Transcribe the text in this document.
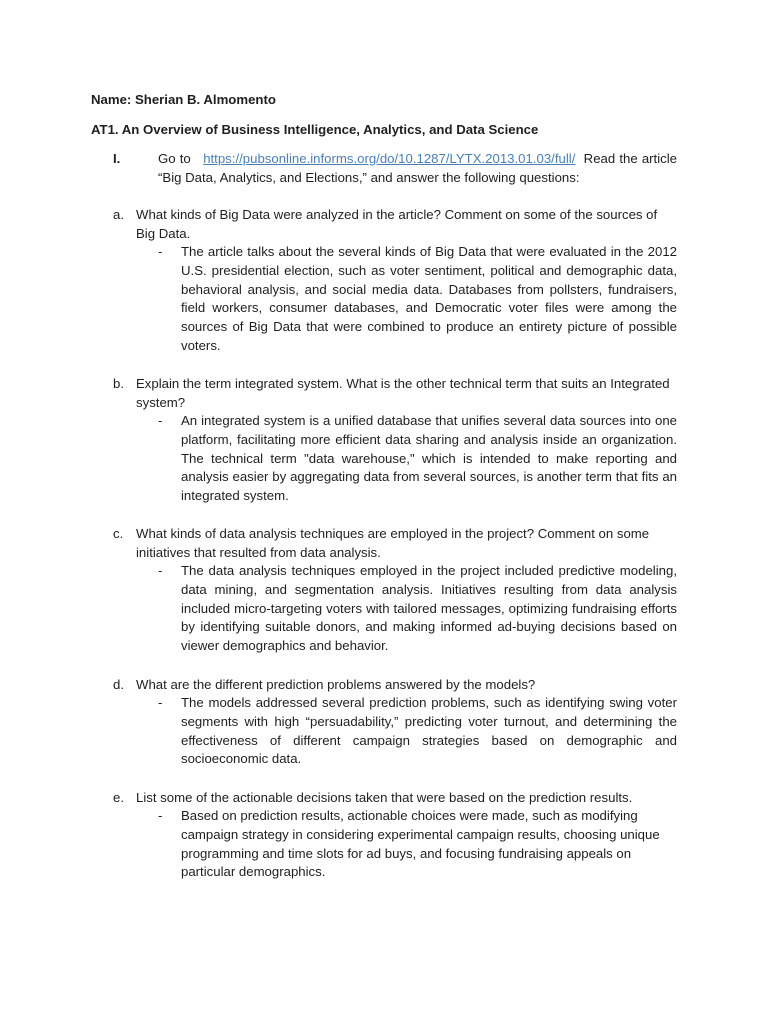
Name: Sherian B. Almomento
AT1. An Overview of Business Intelligence, Analytics, and Data Science
I.	Go to https://pubsonline.informs.org/do/10.1287/LYTX.2013.01.03/full/ Read the article “Big Data, Analytics, and Elections,” and answer the following questions:
a. What kinds of Big Data were analyzed in the article? Comment on some of the sources of Big Data.
- The article talks about the several kinds of Big Data that were evaluated in the 2012 U.S. presidential election, such as voter sentiment, political and demographic data, behavioral analysis, and social media data. Databases from pollsters, fundraisers, field workers, consumer databases, and Democratic voter files were among the sources of Big Data that were combined to produce an entirety picture of possible voters.
b. Explain the term integrated system. What is the other technical term that suits an Integrated system?
- An integrated system is a unified database that unifies several data sources into one platform, facilitating more efficient data sharing and analysis inside an organization. The technical term "data warehouse," which is intended to make reporting and analysis easier by aggregating data from several sources, is another term that fits an integrated system.
c. What kinds of data analysis techniques are employed in the project? Comment on some initiatives that resulted from data analysis.
- The data analysis techniques employed in the project included predictive modeling, data mining, and segmentation analysis. Initiatives resulting from data analysis included micro-targeting voters with tailored messages, optimizing fundraising efforts by identifying suitable donors, and making informed ad-buying decisions based on viewer demographics and behavior.
d. What are the different prediction problems answered by the models?
- The models addressed several prediction problems, such as identifying swing voter segments with high “persuadability,” predicting voter turnout, and determining the effectiveness of different campaign strategies based on demographic and socioeconomic data.
e. List some of the actionable decisions taken that were based on the prediction results.
- Based on prediction results, actionable choices were made, such as modifying campaign strategy in considering experimental campaign results, choosing unique programming and time slots for ad buys, and focusing fundraising appeals on particular demographics.
